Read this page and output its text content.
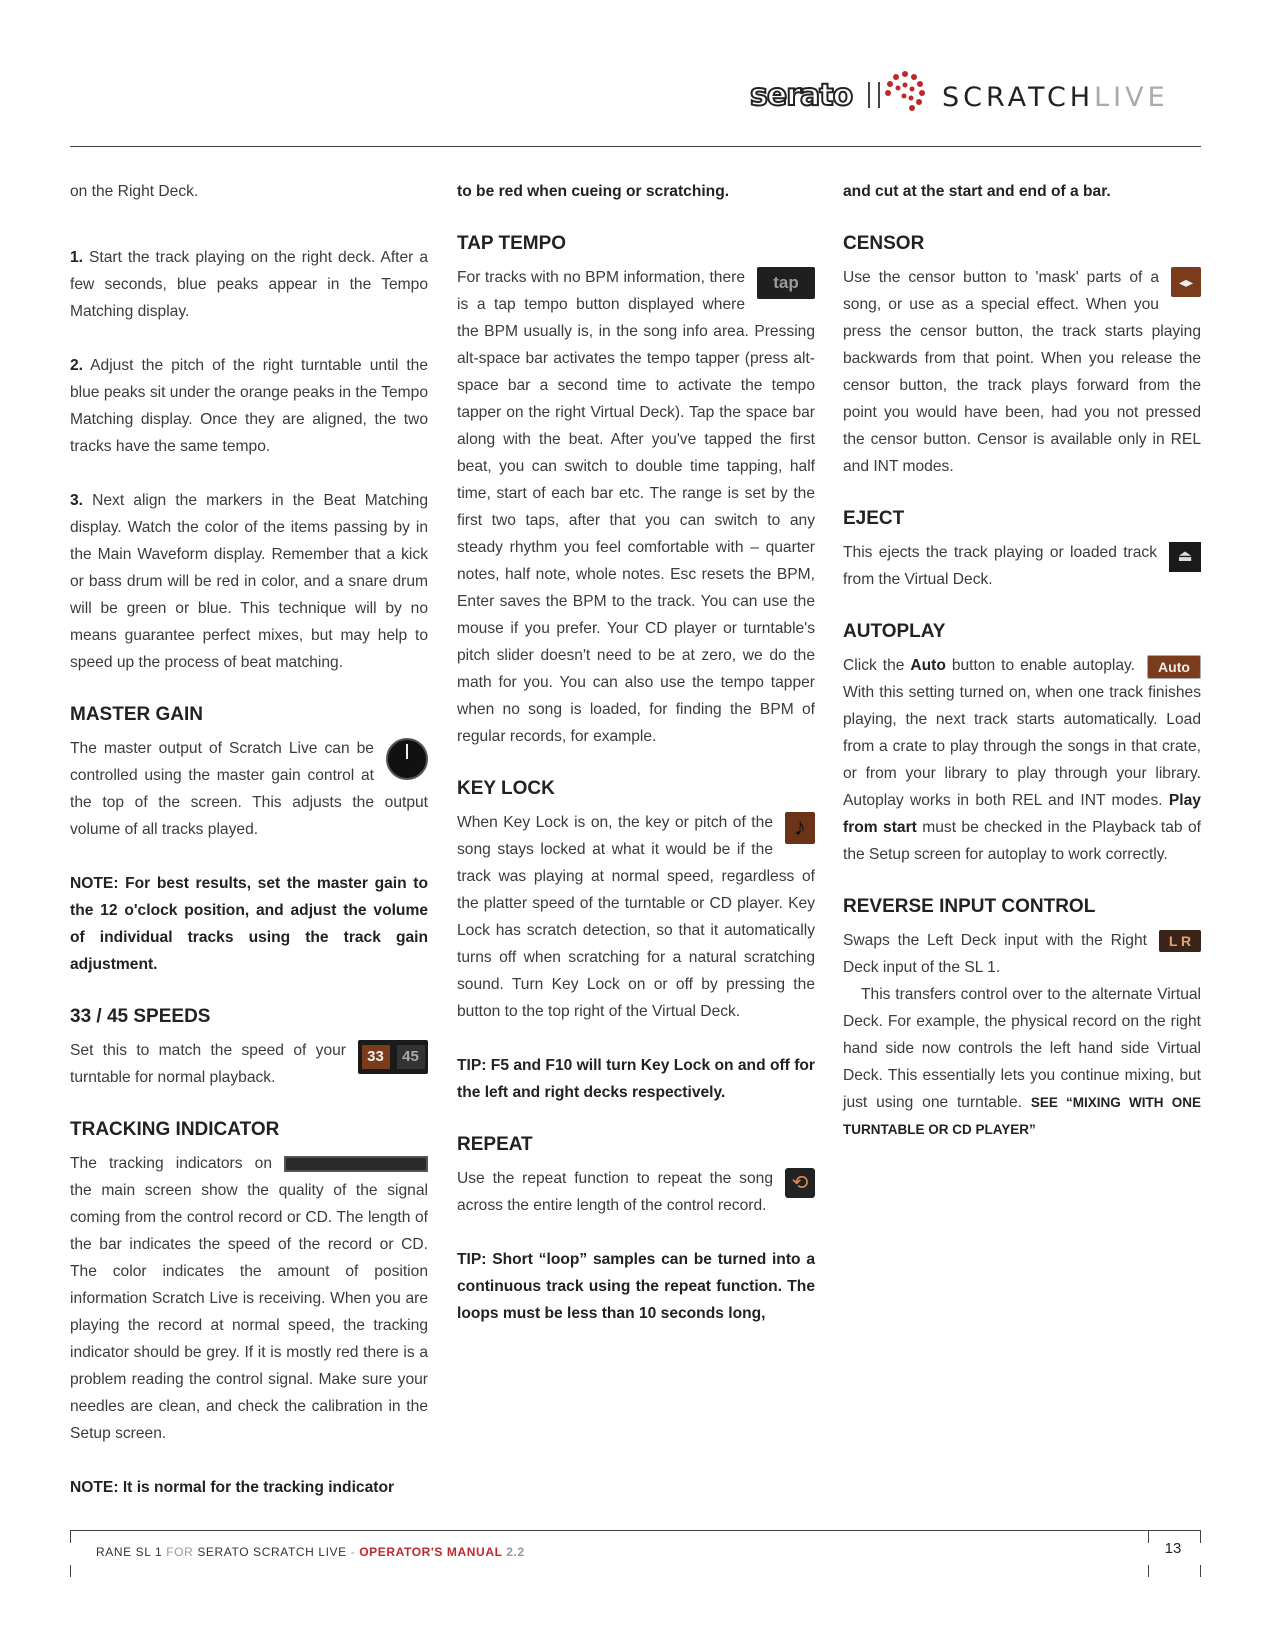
serato	SCRATCHLIVE

on the Right Deck.

1. Start the track playing on the right deck. After a few seconds, blue peaks appear in the Tempo Matching display.

2. Adjust the pitch of the right turntable until the blue peaks sit under the orange peaks in the Tempo Matching display. Once they are aligned, the two tracks have the same tempo.

3. Next align the markers in the Beat Matching display. Watch the color of the items passing by in the Main Waveform display. Remember that a kick or bass drum will be red in color, and a snare drum will be green or blue. This technique will by no means guarantee perfect mixes, but may help to speed up the process of beat matching.

MASTER GAIN

The master output of Scratch Live can be controlled using the master gain control at the top of the screen. This adjusts the output volume of all tracks played.

NOTE: For best results, set the master gain to the 12 o'clock position, and adjust the volume of individual tracks using the track gain adjustment.

33 / 45 SPEEDS

33	45
Set this to match the speed of your turntable for normal playback.

TRACKING INDICATOR

The tracking indicators on the main screen show the quality of the signal coming from the control record or CD. The length of the bar indicates the speed of the record or CD. The color indicates the amount of position information Scratch Live is receiving. When you are playing the record at normal speed, the tracking indicator should be grey. If it is mostly red there is a problem reading the control signal. Make sure your needles are clean, and check the calibration in the Setup screen.

NOTE: It is normal for the tracking indicator

to be red when cueing or scratching.

TAP TEMPO

tap
For tracks with no BPM information, there is a tap tempo button displayed where the BPM usually is, in the song info area. Pressing alt-space bar activates the tempo tapper (press alt-space bar a second time to activate the tempo tapper on the right Virtual Deck). Tap the space bar along with the beat. After you've tapped the first beat, you can switch to double time tapping, half time, start of each bar etc. The range is set by the first two taps, after that you can switch to any steady rhythm you feel comfortable with – quarter notes, half note, whole notes. Esc resets the BPM, Enter saves the BPM to the track. You can use the mouse if you prefer. Your CD player or turntable's pitch slider doesn't need to be at zero, we do the math for you. You can also use the tempo tapper when no song is loaded, for finding the BPM of regular records, for example.

KEY LOCK

♪
When Key Lock is on, the key or pitch of the song stays locked at what it would be if the track was playing at normal speed, regardless of the platter speed of the turntable or CD player. Key Lock has scratch detection, so that it automatically turns off when scratching for a natural scratching sound. Turn Key Lock on or off by pressing the button to the top right of the Virtual Deck.

TIP: F5 and F10 will turn Key Lock on and off for the left and right decks respectively.

REPEAT

⟲
Use the repeat function to repeat the song across the entire length of the control record.

TIP: Short “loop” samples can be turned into a continuous track using the repeat function. The loops must be less than 10 seconds long,

and cut at the start and end of a bar.

CENSOR

◂▸
Use the censor button to 'mask' parts of a song, or use as a special effect. When you press the censor button, the track starts playing backwards from that point. When you release the censor button, the track plays forward from the point you would have been, had you not pressed the censor button. Censor is available only in REL and INT modes.

EJECT

⏏
This ejects the track playing or loaded track from the Virtual Deck.

AUTOPLAY

Auto
Click the Auto button to enable autoplay. With this setting turned on, when one track finishes playing, the next track starts automatically. Load from a crate to play through the songs in that crate, or from your library to play through your library. Autoplay works in both REL and INT modes. Play from start must be checked in the Playback tab of the Setup screen for autoplay to work correctly.

REVERSE INPUT CONTROL

L R
Swaps the Left Deck input with the Right Deck input of the SL 1.

This transfers control over to the alternate Virtual Deck. For example, the physical record on the right hand side now controls the left hand side Virtual Deck. This essentially lets you continue mixing, but just using one turntable. SEE “MIXING WITH ONE TURNTABLE OR CD PLAYER”

RANE SL 1 FOR SERATO SCRATCH LIVE - OPERATOR'S MANUAL 2.2	13
